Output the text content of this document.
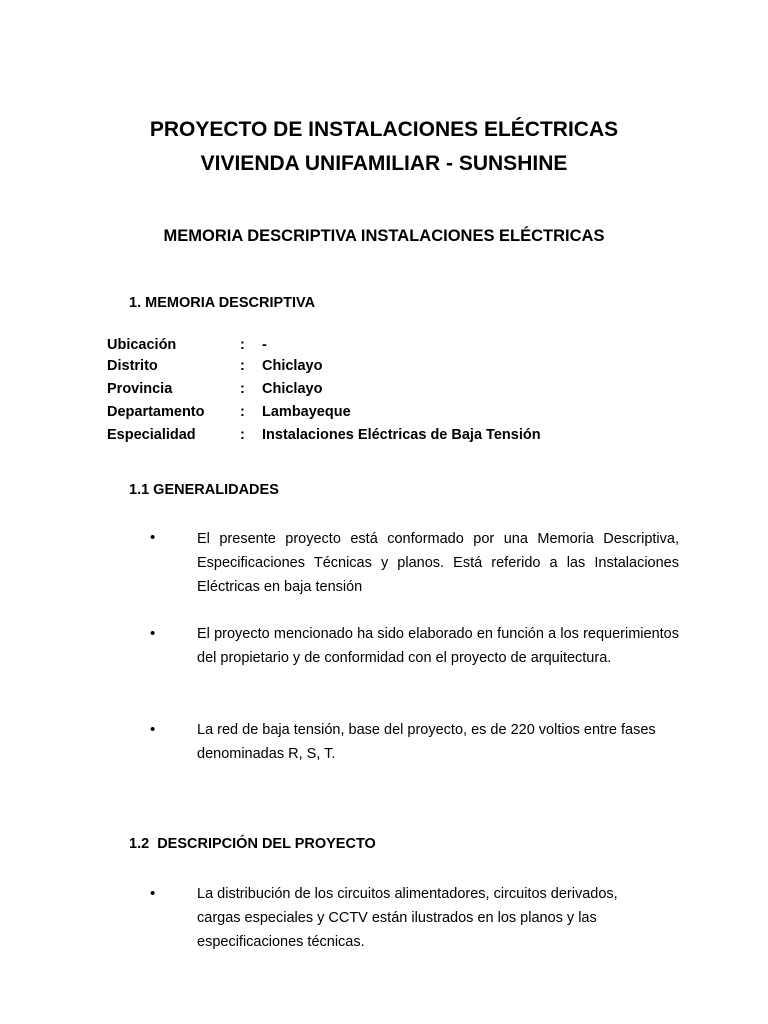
PROYECTO DE INSTALACIONES ELÉCTRICAS
VIVIENDA UNIFAMILIAR - SUNSHINE
MEMORIA DESCRIPTIVA INSTALACIONES ELÉCTRICAS
1. MEMORIA DESCRIPTIVA
Ubicación	: -
Distrito	: Chiclayo
Provincia	: Chiclayo
Departamento : Lambayeque
Especialidad	: Instalaciones Eléctricas de Baja Tensión
1.1 GENERALIDADES
•	El presente proyecto está conformado por una Memoria Descriptiva, Especificaciones Técnicas y planos. Está referido a las Instalaciones Eléctricas en baja tensión
•	El proyecto mencionado ha sido elaborado en función a los requerimientos del propietario y de conformidad con el proyecto de arquitectura.
•	La red de baja tensión, base del proyecto, es de 220 voltios entre fases denominadas R, S, T.
1.2  DESCRIPCIÓN DEL PROYECTO
•	La distribución de los circuitos alimentadores, circuitos derivados, cargas especiales y CCTV están ilustrados en los planos y las especificaciones técnicas.
